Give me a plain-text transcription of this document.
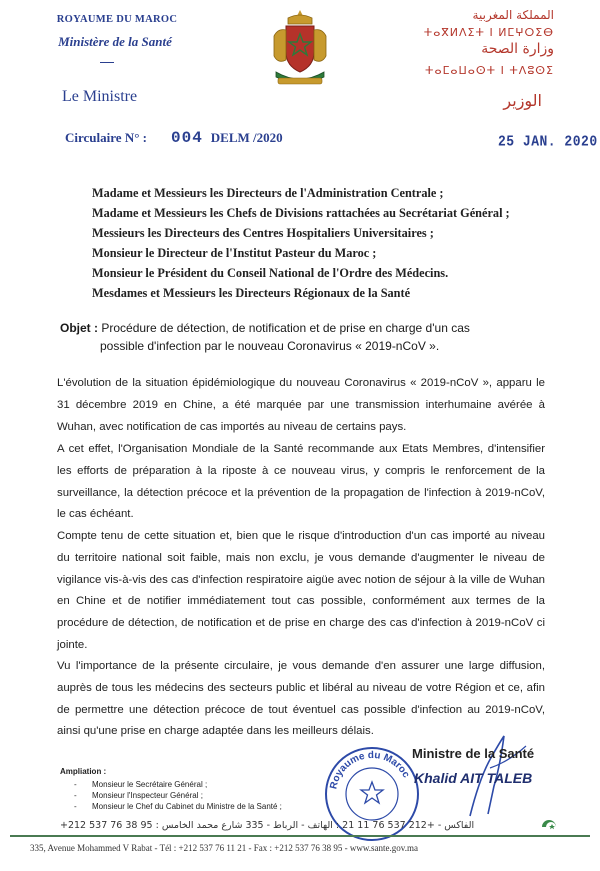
ROYAUME DU MAROC
Ministère de la Santé
Le Ministre
Circulaire N° : 004 DELM /2020
المملكة المغربية
ⵜⴰⴳⵍⴷⵉⵜ ⵏ ⵍⵎⵖⵔⵉⴱ
وزارة الصحة
ⵜⴰⵎⴰⵡⴰⵙⵜ ⵏ ⵜⴷⵓⵙⵉ
الوزير
25 JAN. 2020
Madame et Messieurs les Directeurs de l'Administration Centrale ;
Madame et Messieurs les Chefs de Divisions rattachées au Secrétariat Général ;
Messieurs les Directeurs des Centres Hospitaliers Universitaires ;
Monsieur le Directeur de l'Institut Pasteur du Maroc ;
Monsieur le Président du Conseil National de l'Ordre des Médecins.
Mesdames et Messieurs les Directeurs Régionaux de la Santé
Objet : Procédure de détection, de notification et de prise en charge d'un cas
possible d'infection par le nouveau Coronavirus « 2019-nCoV ».
L'évolution de la situation épidémiologique du nouveau Coronavirus « 2019-nCoV », apparu le 31 décembre 2019 en Chine, a été marquée par une transmission interhumaine avérée à Wuhan, avec notification de cas importés au niveau de certains pays.
A cet effet, l'Organisation Mondiale de la Santé recommande aux Etats Membres, d'intensifier les efforts de préparation à la riposte à ce nouveau virus, y compris le renforcement de la surveillance, la détection précoce et la prévention de la propagation de l'infection à 2019-nCoV, le cas échéant.
Compte tenu de cette situation et, bien que le risque d'introduction d'un cas importé au niveau du territoire national soit faible, mais non exclu, je vous demande d'augmenter le niveau de vigilance vis-à-vis des cas d'infection respiratoire aigüe avec notion de séjour à la ville de Wuhan en Chine et de notifier immédiatement tout cas possible, conformément aux termes de la procédure de détection, de notification et de prise en charge des cas d'infection à 2019-nCoV ci jointe.
Vu l'importance de la présente circulaire, je vous demande d'en assurer une large diffusion, auprès de tous les médecins des secteurs public et libéral au niveau de votre Région et ce, afin de permettre une détection précoce de tout éventuel cas possible d'infection au 2019-nCoV, ainsi qu'une prise en charge adaptée dans les meilleurs délais.
Ampliation :
- Monsieur le Secrétaire Général ;
- Monsieur l'Inspecteur Général ;
- Monsieur le Chef du Cabinet du Ministre de la Santé ;
Royaume du Maroc
Ministre de la Santé
Khalid AIT TALEB
+212 537 76 38 95 : الفاكس - +212 537 76 11 21 : الهاتف - الرباط - 335 شارع محمد الخامس
335, Avenue Mohammed V Rabat - Tél : +212 537 76 11 21 - Fax : +212 537 76 38 95 - www.sante.gov.ma
